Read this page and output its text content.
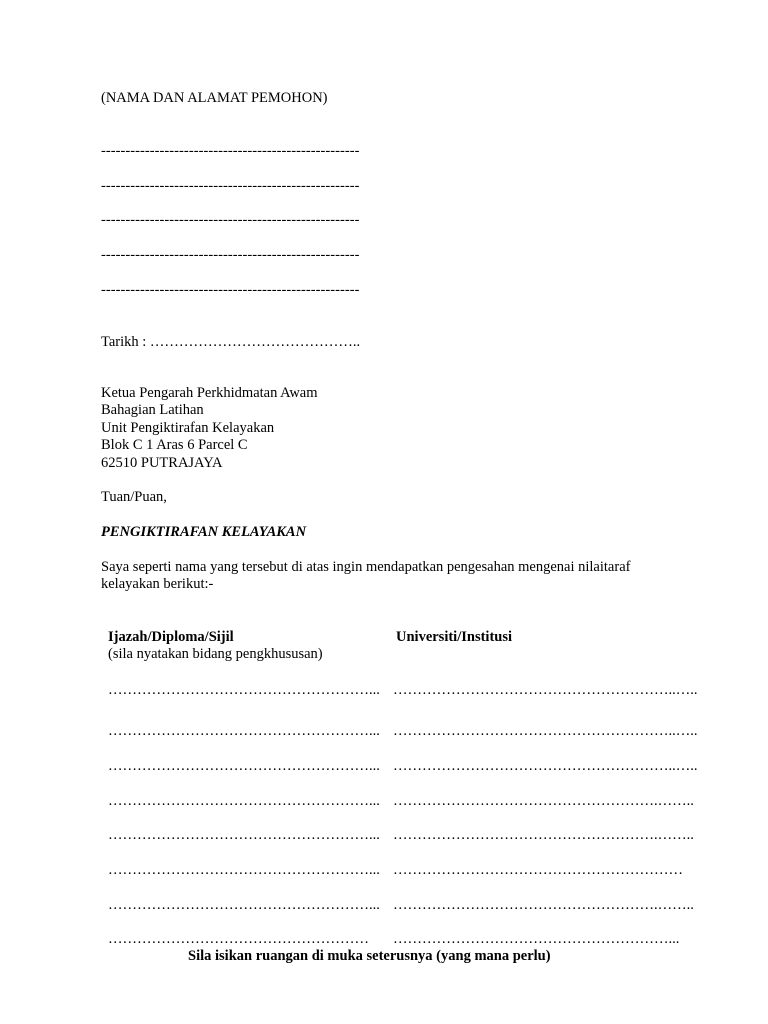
(NAMA DAN ALAMAT PEMOHON)
-----------------------------------------------------
-----------------------------------------------------
-----------------------------------------------------
-----------------------------------------------------
-----------------------------------------------------
Tarikh : ……………………………………..
Ketua Pengarah Perkhidmatan Awam
Bahagian Latihan
Unit Pengiktirafan Kelayakan
Blok C 1 Aras 6 Parcel C
62510 PUTRAJAYA
Tuan/Puan,
PENGIKTIRAFAN KELAYAKAN
Saya seperti nama yang tersebut di atas ingin mendapatkan pengesahan mengenai nilaitaraf
kelayakan berikut:-
Ijazah/Diploma/Sijil
(sila nyatakan bidang pengkhususan)
Universiti/Institusi
………………………………………………... …………………………………………………..…..
………………………………………………... …………………………………………………..…..
………………………………………………... …………………………………………………..…..
………………………………………………... ……………………………………………….……..
………………………………………………... ……………………………………………….……..
………………………………………………... ……………………………………………………
………………………………………………... ……………………………………………….……..
……………………………………………… …………………………………………………...
Sila isikan ruangan di muka seterusnya (yang mana perlu)
